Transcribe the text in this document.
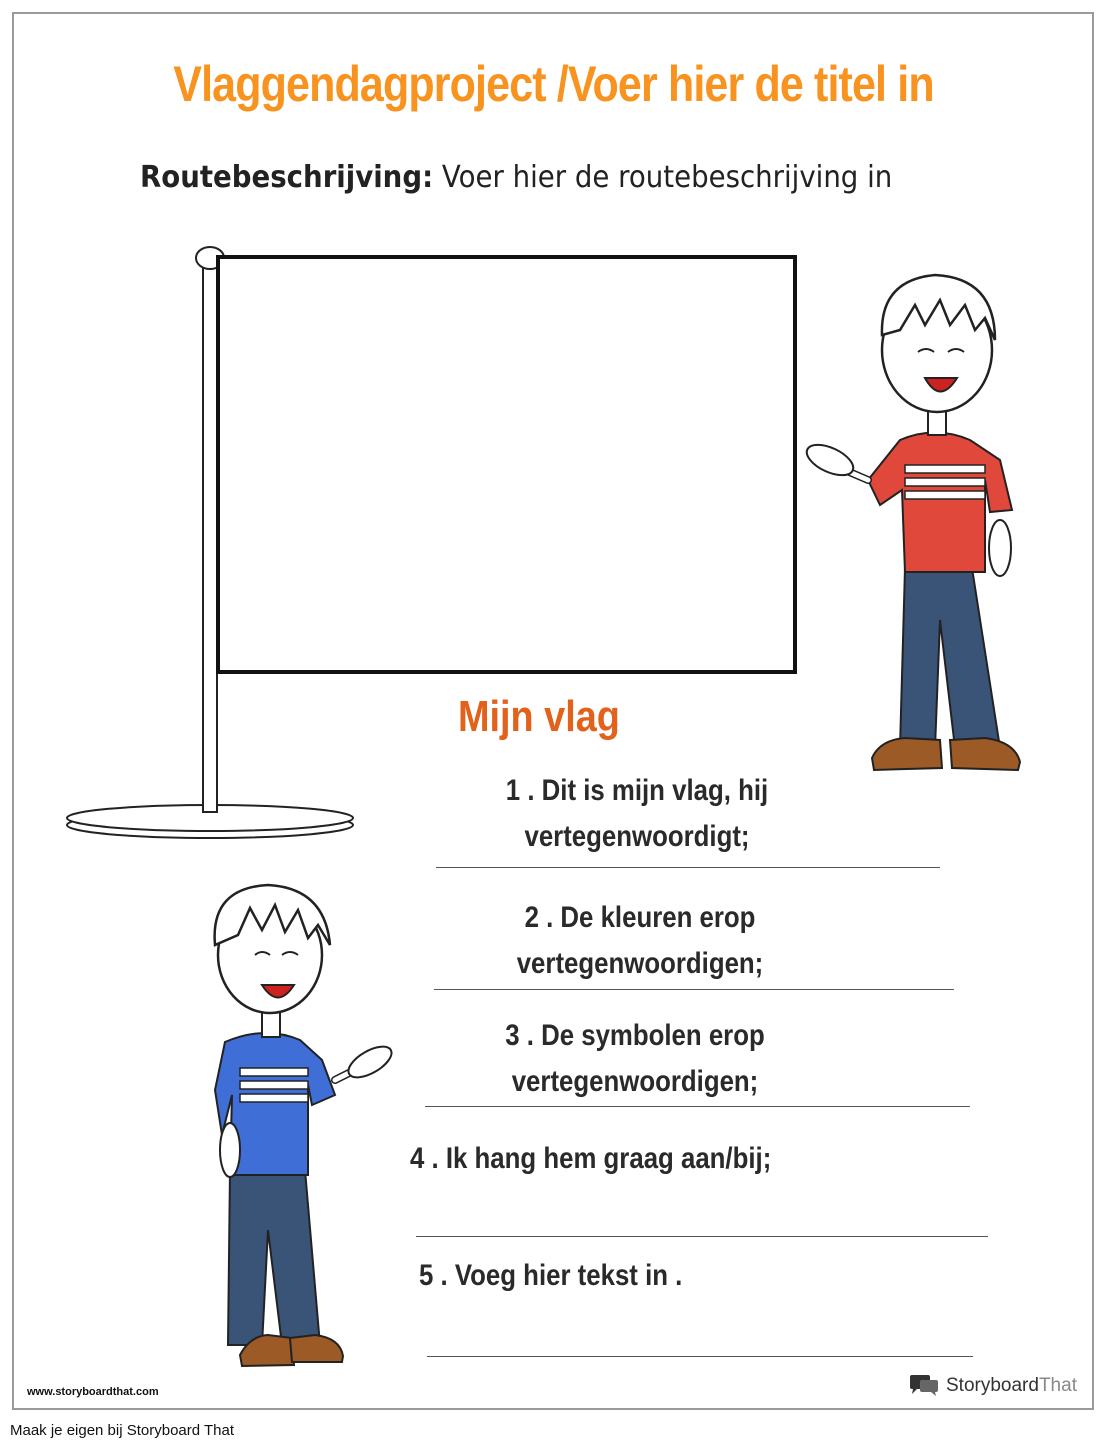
Vlaggendagproject /Voer hier de titel in
Routebeschrijving: Voer hier de routebeschrijving in
Mijn vlag
1 . Dit is mijn vlag, hij
vertegenwoordigt;
2 . De kleuren erop
vertegenwoordigen;
3 . De symbolen erop
vertegenwoordigen;
4 . Ik hang hem graag aan/bij;
5 . Voeg hier tekst in .
www.storyboardthat.com	StoryboardThat
Maak je eigen bij Storyboard That
